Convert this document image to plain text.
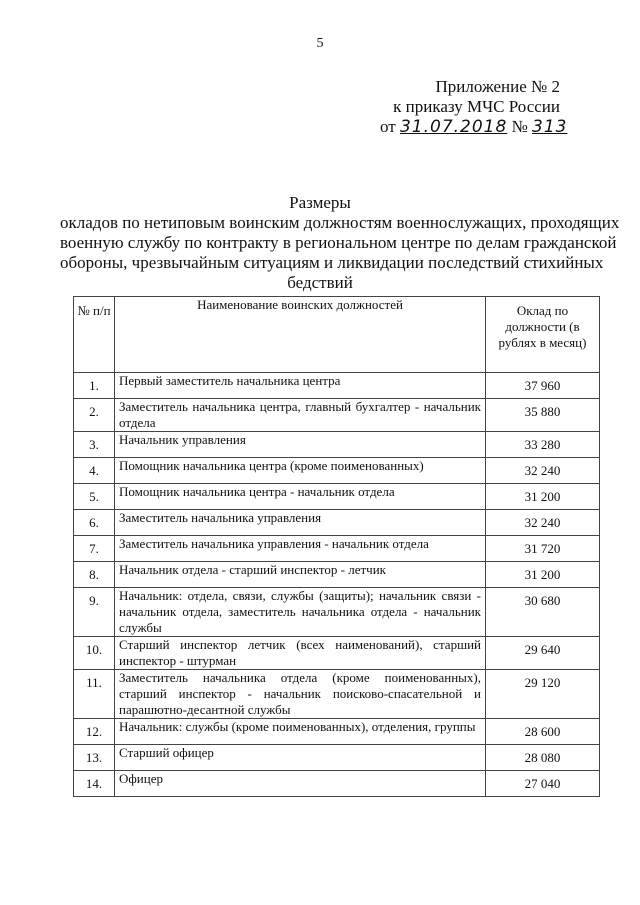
5
Приложение № 2
к приказу МЧС России
от 31.07.2018 № 313
Размеры
окладов по нетиповым воинским должностям военнослужащих, проходящих
военную службу по контракту в региональном центре по делам гражданской
обороны, чрезвычайным ситуациям и ликвидации последствий стихийных
бедствий
№ п/п	Наименование воинских должностей	Оклад по должности (в рублях в месяц)
1.	Первый заместитель начальника центра	37 960
2.	Заместитель начальника центра, главный бухгалтер - начальник отдела	35 880
3.	Начальник управления	33 280
4.	Помощник начальника центра (кроме поименованных)	32 240
5.	Помощник начальника центра - начальник отдела	31 200
6.	Заместитель начальника управления	32 240
7.	Заместитель начальника управления - начальник отдела	31 720
8.	Начальник отдела - старший инспектор - летчик	31 200
9.	Начальник: отдела, связи, службы (защиты); начальник связи - начальник отдела, заместитель начальника отдела - начальник службы	30 680
10.	Старший инспектор летчик (всех наименований), старший инспектор - штурман	29 640
11.	Заместитель начальника отдела (кроме поименованных), старший инспектор - начальник поисково-спасательной и парашютно-десантной службы	29 120
12.	Начальник: службы (кроме поименованных), отделения, группы	28 600
13.	Старший офицер	28 080
14.	Офицер	27 040
